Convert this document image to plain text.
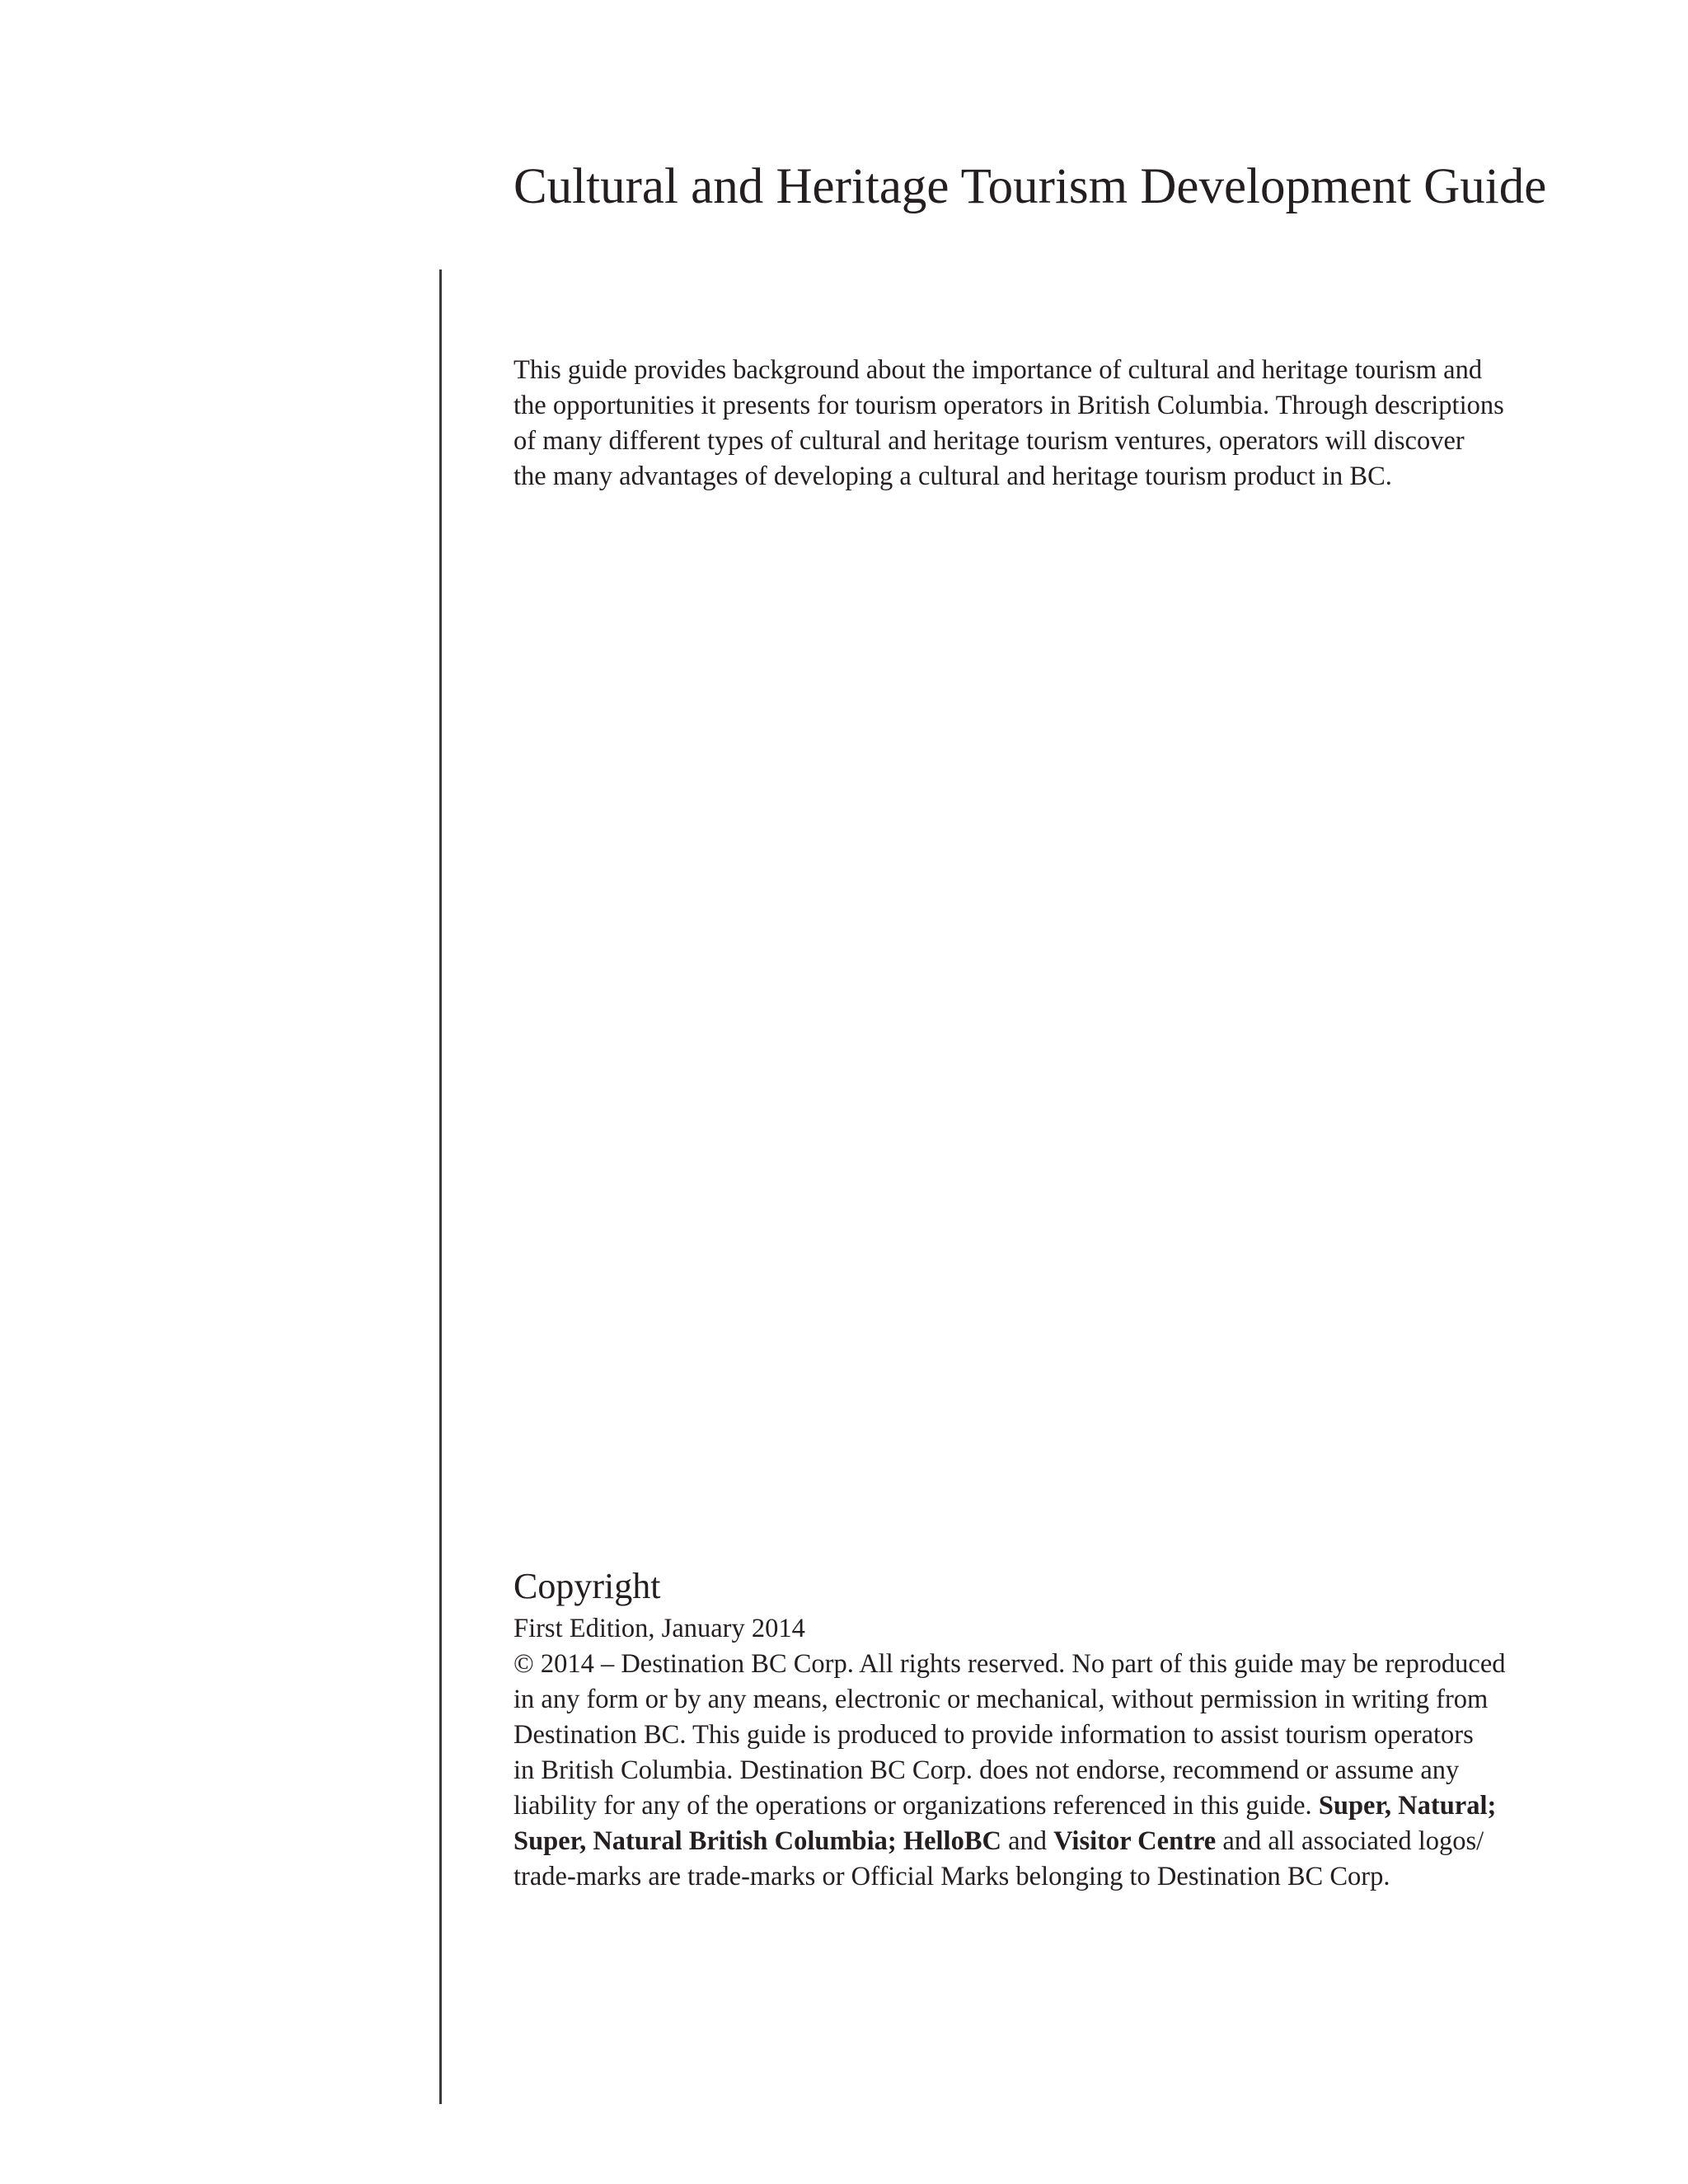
Cultural and Heritage Tourism Development Guide

This guide provides background about the importance of cultural and heritage tourism and
the opportunities it presents for tourism operators in British Columbia. Through descriptions
of many different types of cultural and heritage tourism ventures, operators will discover
the many advantages of developing a cultural and heritage tourism product in BC.

Copyright

First Edition, January 2014
© 2014 – Destination BC Corp. All rights reserved. No part of this guide may be reproduced
in any form or by any means, electronic or mechanical, without permission in writing from
Destination BC. This guide is produced to provide information to assist tourism operators
in British Columbia. Destination BC Corp. does not endorse, recommend or assume any
liability for any of the operations or organizations referenced in this guide. Super, Natural;
Super, Natural British Columbia; HelloBC and Visitor Centre and all associated logos/
trade-marks are trade-marks or Official Marks belonging to Destination BC Corp.
